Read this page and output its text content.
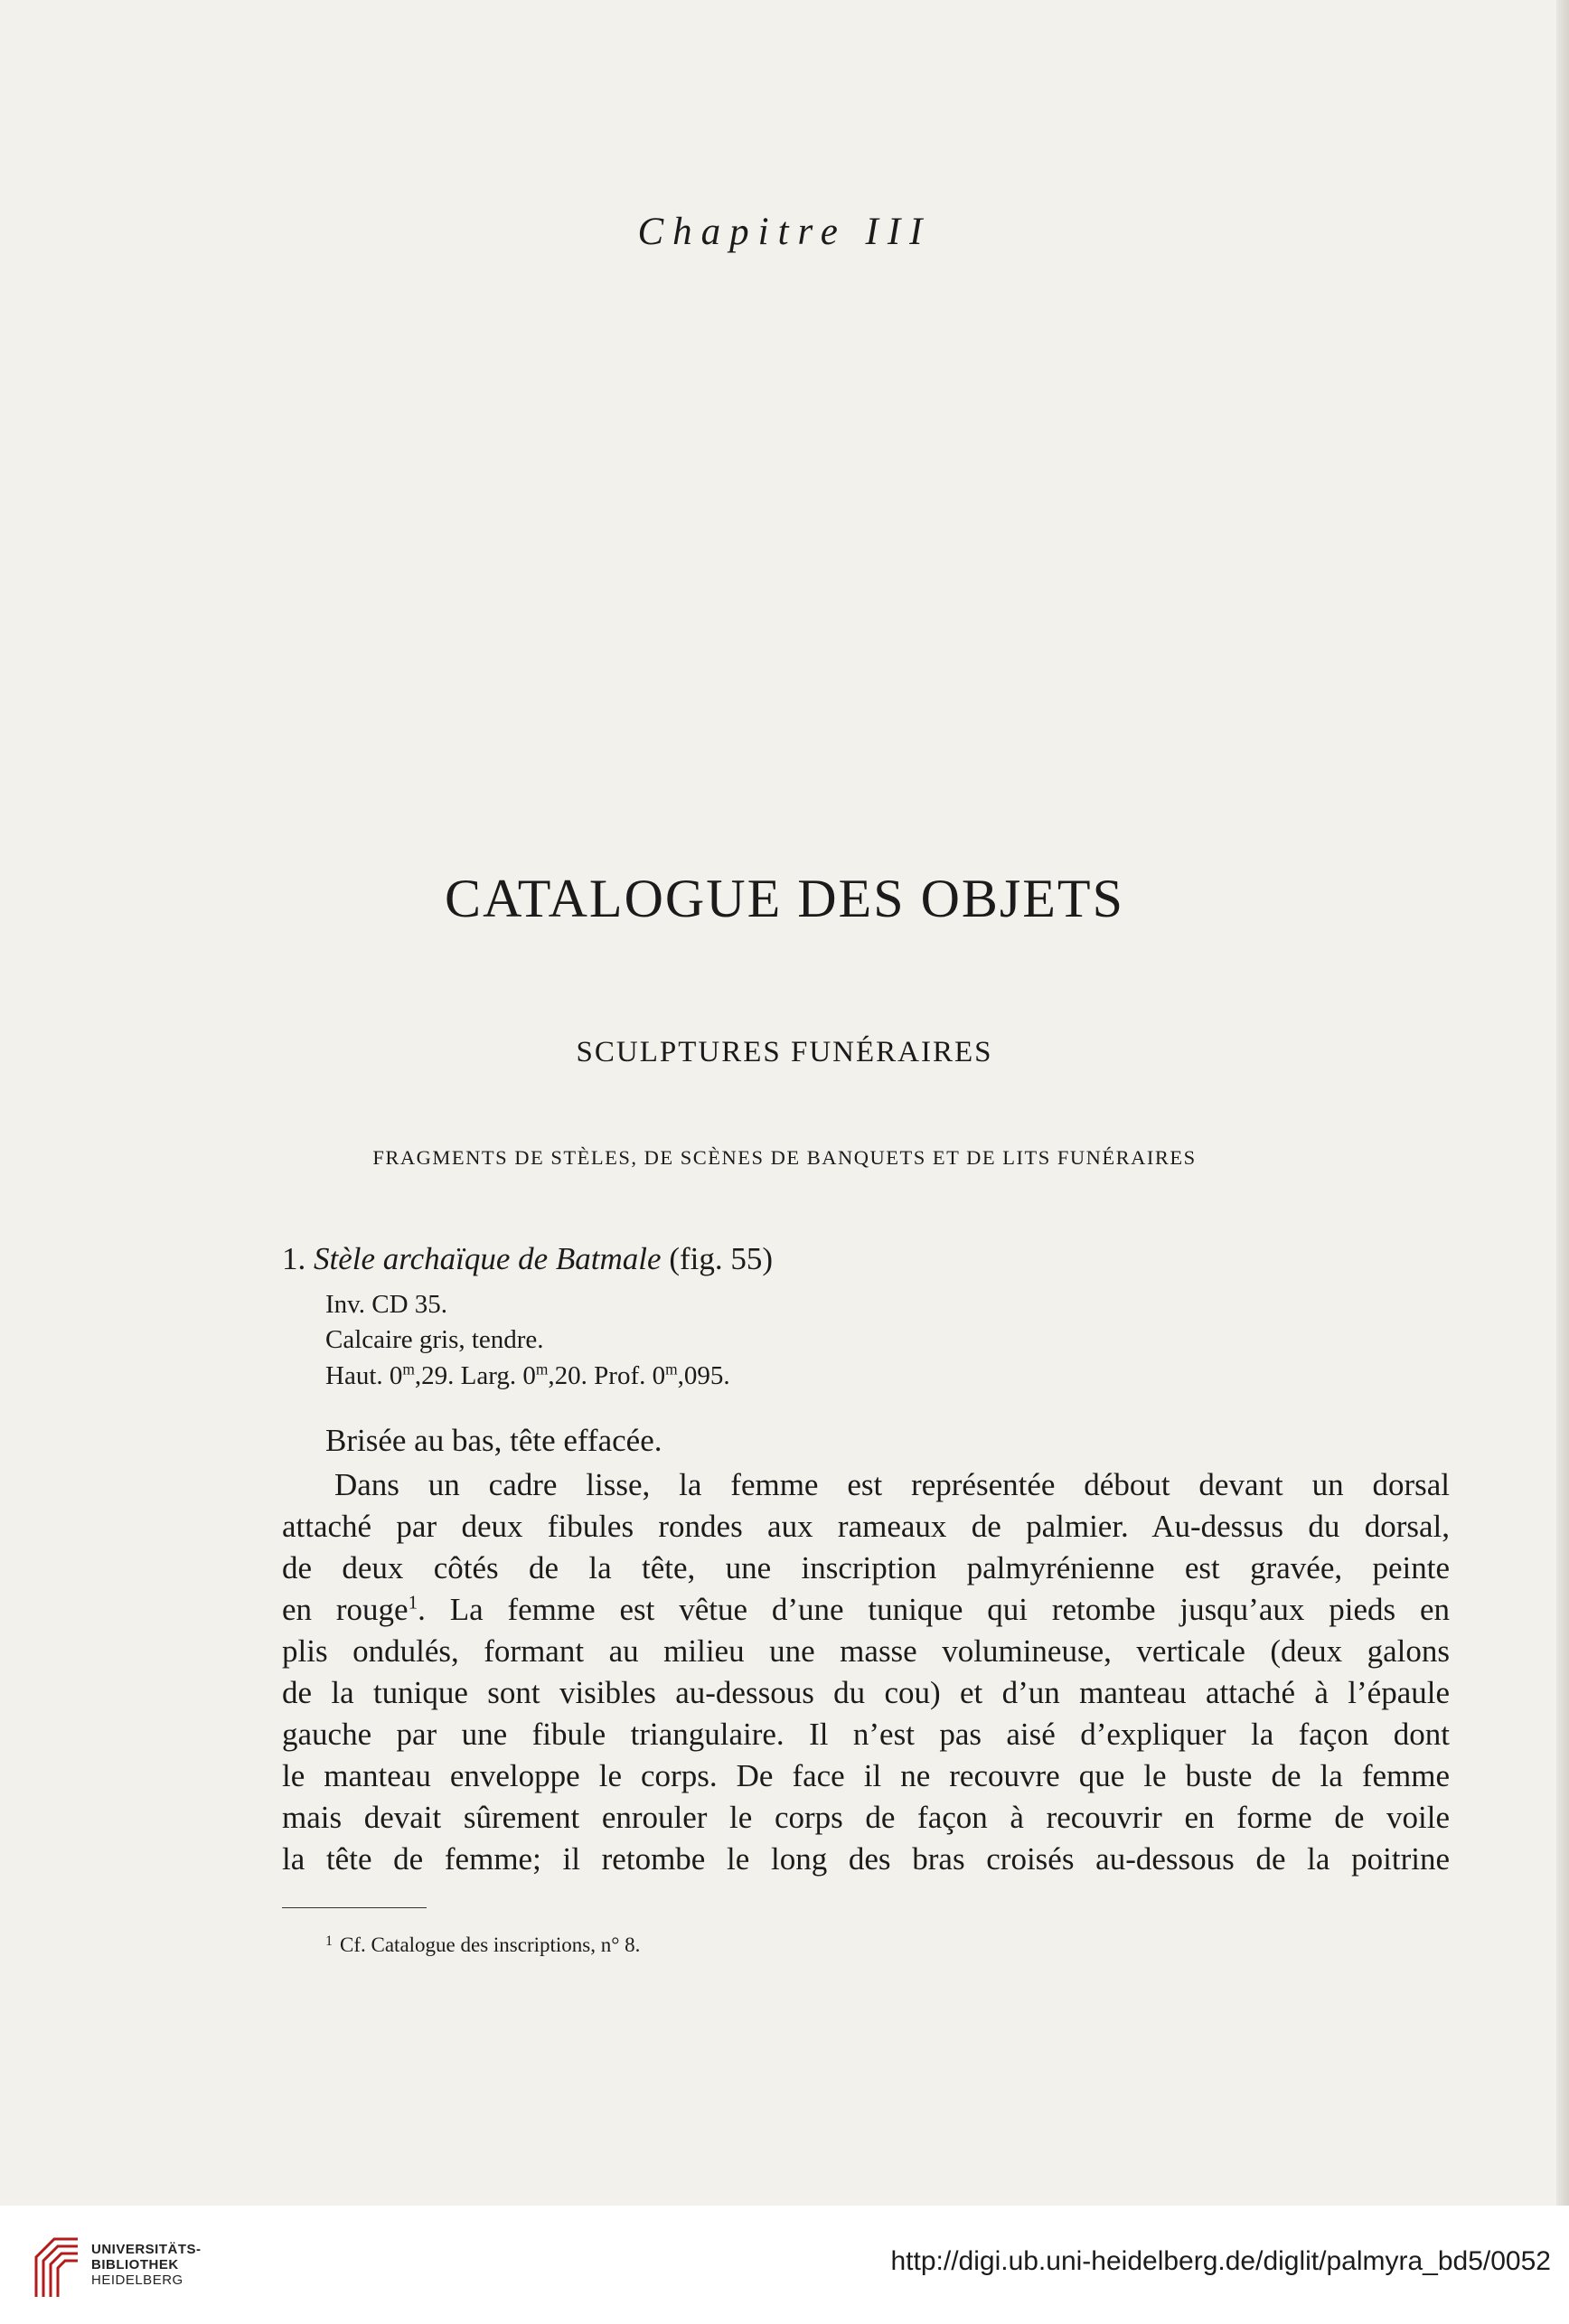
Chapitre III
CATALOGUE DES OBJETS
SCULPTURES FUNÉRAIRES
FRAGMENTS DE STÈLES, DE SCÈNES DE BANQUETS ET DE LITS FUNÉRAIRES
1. Stèle archaïque de Batmale (fig. 55)
Inv. CD 35.
Calcaire gris, tendre.
Haut. 0$^m$,29. Larg. 0$^m$,20. Prof. 0$^m$,095.
Brisée au bas, tête effacée.
Dans un cadre lisse, la femme est représentée débout devant un dorsal
attaché par deux fibules rondes aux rameaux de palmier. Au-dessus du dorsal,
de deux côtés de la tête, une inscription palmyrénienne est gravée, peinte
en rouge$^1$. La femme est vêtue d’une tunique qui retombe jusqu’aux pieds en
plis ondulés, formant au milieu une masse volumineuse, verticale (deux galons
de la tunique sont visibles au-dessous du cou) et d’un manteau attaché à l’épaule
gauche par une fibule triangulaire. Il n’est pas aisé d’expliquer la façon dont
le manteau enveloppe le corps. De face il ne recouvre que le buste de la femme
mais devait sûrement enrouler le corps de façon à recouvrir en forme de voile
la tête de femme; il retombe le long des bras croisés au-dessous de la poitrine
$^1$ Cf. Catalogue des inscriptions, n° 8.
UNIVERSITÄTS-
BIBLIOTHEK
HEIDELBERG
http://digi.ub.uni-heidelberg.de/diglit/palmyra_bd5/0052
